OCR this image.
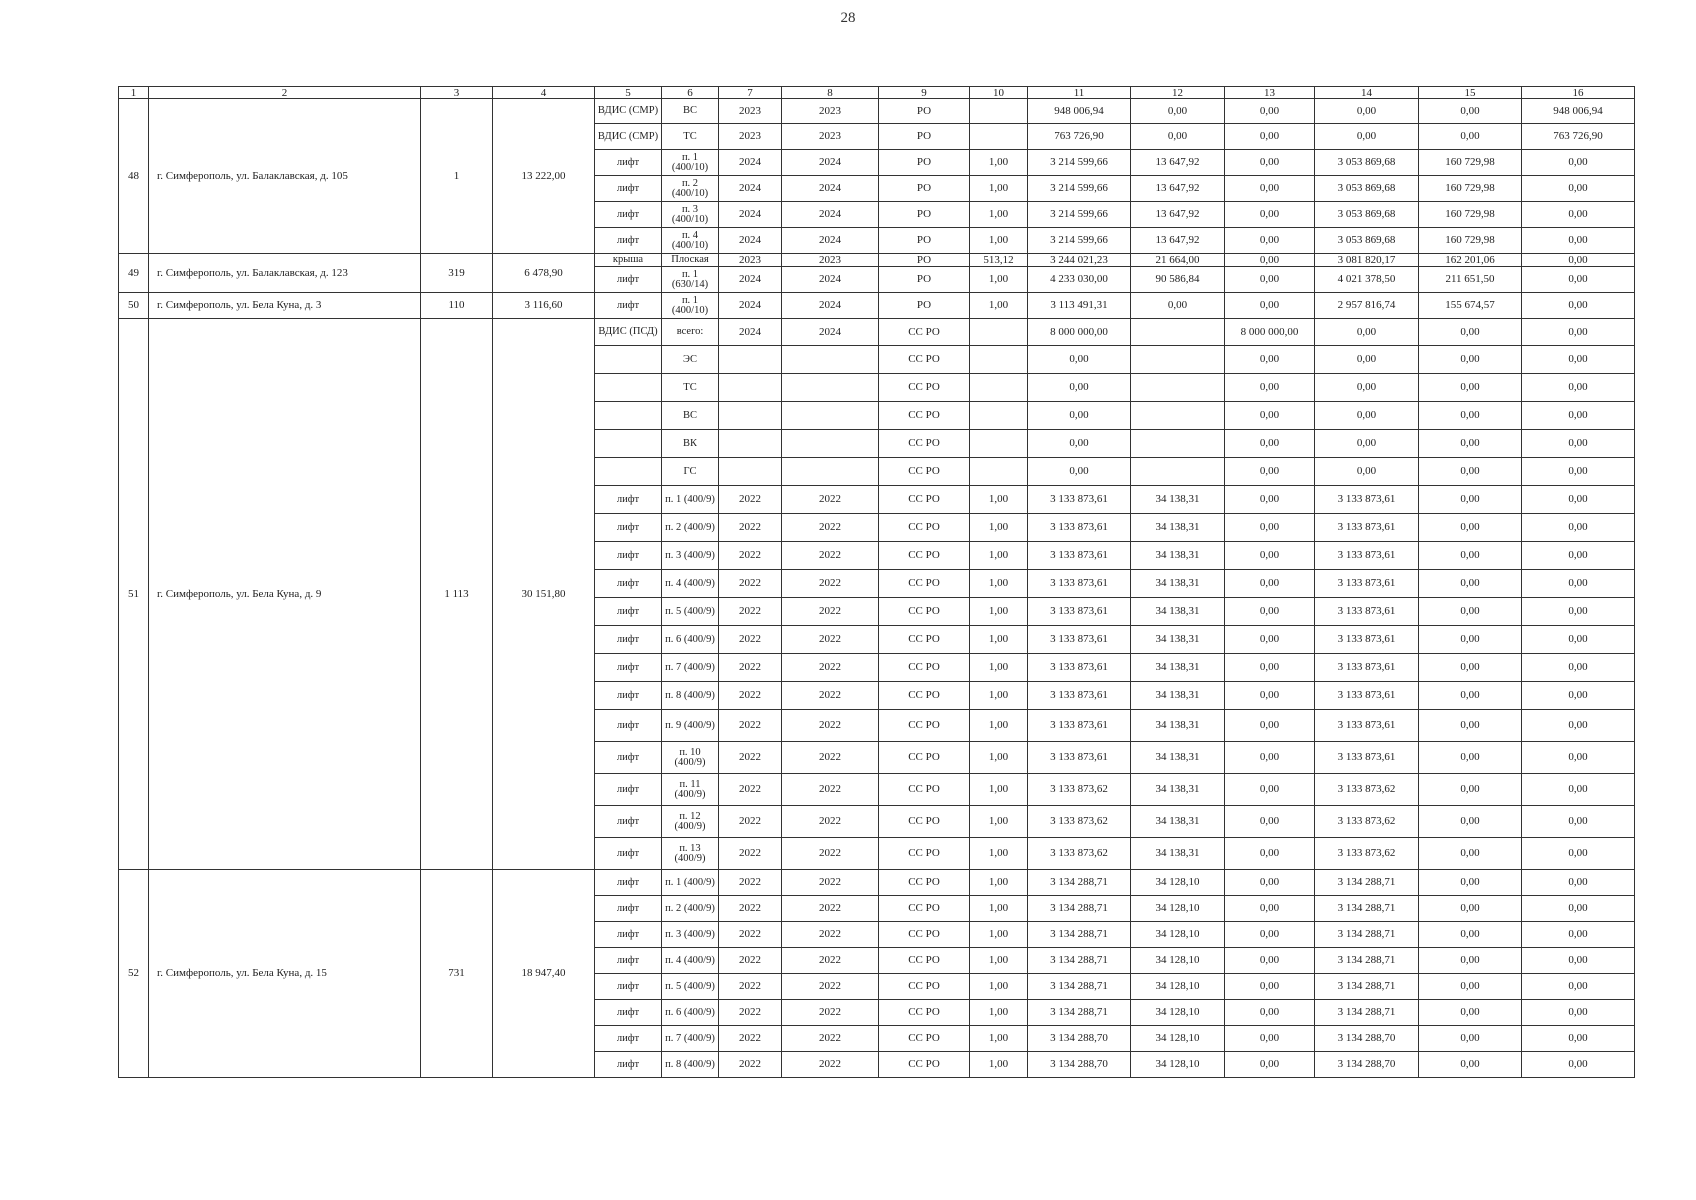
28
1	2	3	4	5	6	7	8	9	10	11	12	13	14	15	16
48	г. Симферополь, ул. Балаклавская, д. 105	1	13 222,00	ВДИС (СМР)	ВС	2023	2023	РО		948 006,94	0,00	0,00	0,00	0,00	948 006,94
				ВДИС (СМР)	ТС	2023	2023	РО		763 726,90	0,00	0,00	0,00	0,00	763 726,90
				лифт	п. 1 (400/10)	2024	2024	РО	1,00	3 214 599,66	13 647,92	0,00	3 053 869,68	160 729,98	0,00
				лифт	п. 2 (400/10)	2024	2024	РО	1,00	3 214 599,66	13 647,92	0,00	3 053 869,68	160 729,98	0,00
				лифт	п. 3 (400/10)	2024	2024	РО	1,00	3 214 599,66	13 647,92	0,00	3 053 869,68	160 729,98	0,00
				лифт	п. 4 (400/10)	2024	2024	РО	1,00	3 214 599,66	13 647,92	0,00	3 053 869,68	160 729,98	0,00
49	г. Симферополь, ул. Балаклавская, д. 123	319	6 478,90	крыша	Плоская	2023	2023	РО	513,12	3 244 021,23	21 664,00	0,00	3 081 820,17	162 201,06	0,00
				лифт	п. 1 (630/14)	2024	2024	РО	1,00	4 233 030,00	90 586,84	0,00	4 021 378,50	211 651,50	0,00
50	г. Симферополь, ул. Бела Куна, д. 3	110	3 116,60	лифт	п. 1 (400/10)	2024	2024	РО	1,00	3 113 491,31	0,00	0,00	2 957 816,74	155 674,57	0,00
51	г. Симферополь, ул. Бела Куна, д. 9	1 113	30 151,80	ВДИС (ПСД)	всего:	2024	2024	СС РО		8 000 000,00		8 000 000,00	0,00	0,00	0,00
					ЭС			СС РО		0,00		0,00	0,00	0,00	0,00
					ТС			СС РО		0,00		0,00	0,00	0,00	0,00
					ВС			СС РО		0,00		0,00	0,00	0,00	0,00
					ВК			СС РО		0,00		0,00	0,00	0,00	0,00
					ГС			СС РО		0,00		0,00	0,00	0,00	0,00
				лифт	п. 1 (400/9)	2022	2022	СС РО	1,00	3 133 873,61	34 138,31	0,00	3 133 873,61	0,00	0,00
				лифт	п. 2 (400/9)	2022	2022	СС РО	1,00	3 133 873,61	34 138,31	0,00	3 133 873,61	0,00	0,00
				лифт	п. 3 (400/9)	2022	2022	СС РО	1,00	3 133 873,61	34 138,31	0,00	3 133 873,61	0,00	0,00
				лифт	п. 4 (400/9)	2022	2022	СС РО	1,00	3 133 873,61	34 138,31	0,00	3 133 873,61	0,00	0,00
				лифт	п. 5 (400/9)	2022	2022	СС РО	1,00	3 133 873,61	34 138,31	0,00	3 133 873,61	0,00	0,00
				лифт	п. 6 (400/9)	2022	2022	СС РО	1,00	3 133 873,61	34 138,31	0,00	3 133 873,61	0,00	0,00
				лифт	п. 7 (400/9)	2022	2022	СС РО	1,00	3 133 873,61	34 138,31	0,00	3 133 873,61	0,00	0,00
				лифт	п. 8 (400/9)	2022	2022	СС РО	1,00	3 133 873,61	34 138,31	0,00	3 133 873,61	0,00	0,00
				лифт	п. 9 (400/9)	2022	2022	СС РО	1,00	3 133 873,61	34 138,31	0,00	3 133 873,61	0,00	0,00
				лифт	п. 10 (400/9)	2022	2022	СС РО	1,00	3 133 873,61	34 138,31	0,00	3 133 873,61	0,00	0,00
				лифт	п. 11 (400/9)	2022	2022	СС РО	1,00	3 133 873,62	34 138,31	0,00	3 133 873,62	0,00	0,00
				лифт	п. 12 (400/9)	2022	2022	СС РО	1,00	3 133 873,62	34 138,31	0,00	3 133 873,62	0,00	0,00
				лифт	п. 13 (400/9)	2022	2022	СС РО	1,00	3 133 873,62	34 138,31	0,00	3 133 873,62	0,00	0,00
52	г. Симферополь, ул. Бела Куна, д. 15	731	18 947,40	лифт	п. 1 (400/9)	2022	2022	СС РО	1,00	3 134 288,71	34 128,10	0,00	3 134 288,71	0,00	0,00
				лифт	п. 2 (400/9)	2022	2022	СС РО	1,00	3 134 288,71	34 128,10	0,00	3 134 288,71	0,00	0,00
				лифт	п. 3 (400/9)	2022	2022	СС РО	1,00	3 134 288,71	34 128,10	0,00	3 134 288,71	0,00	0,00
				лифт	п. 4 (400/9)	2022	2022	СС РО	1,00	3 134 288,71	34 128,10	0,00	3 134 288,71	0,00	0,00
				лифт	п. 5 (400/9)	2022	2022	СС РО	1,00	3 134 288,71	34 128,10	0,00	3 134 288,71	0,00	0,00
				лифт	п. 6 (400/9)	2022	2022	СС РО	1,00	3 134 288,71	34 128,10	0,00	3 134 288,71	0,00	0,00
				лифт	п. 7 (400/9)	2022	2022	СС РО	1,00	3 134 288,70	34 128,10	0,00	3 134 288,70	0,00	0,00
				лифт	п. 8 (400/9)	2022	2022	СС РО	1,00	3 134 288,70	34 128,10	0,00	3 134 288,70	0,00	0,00
